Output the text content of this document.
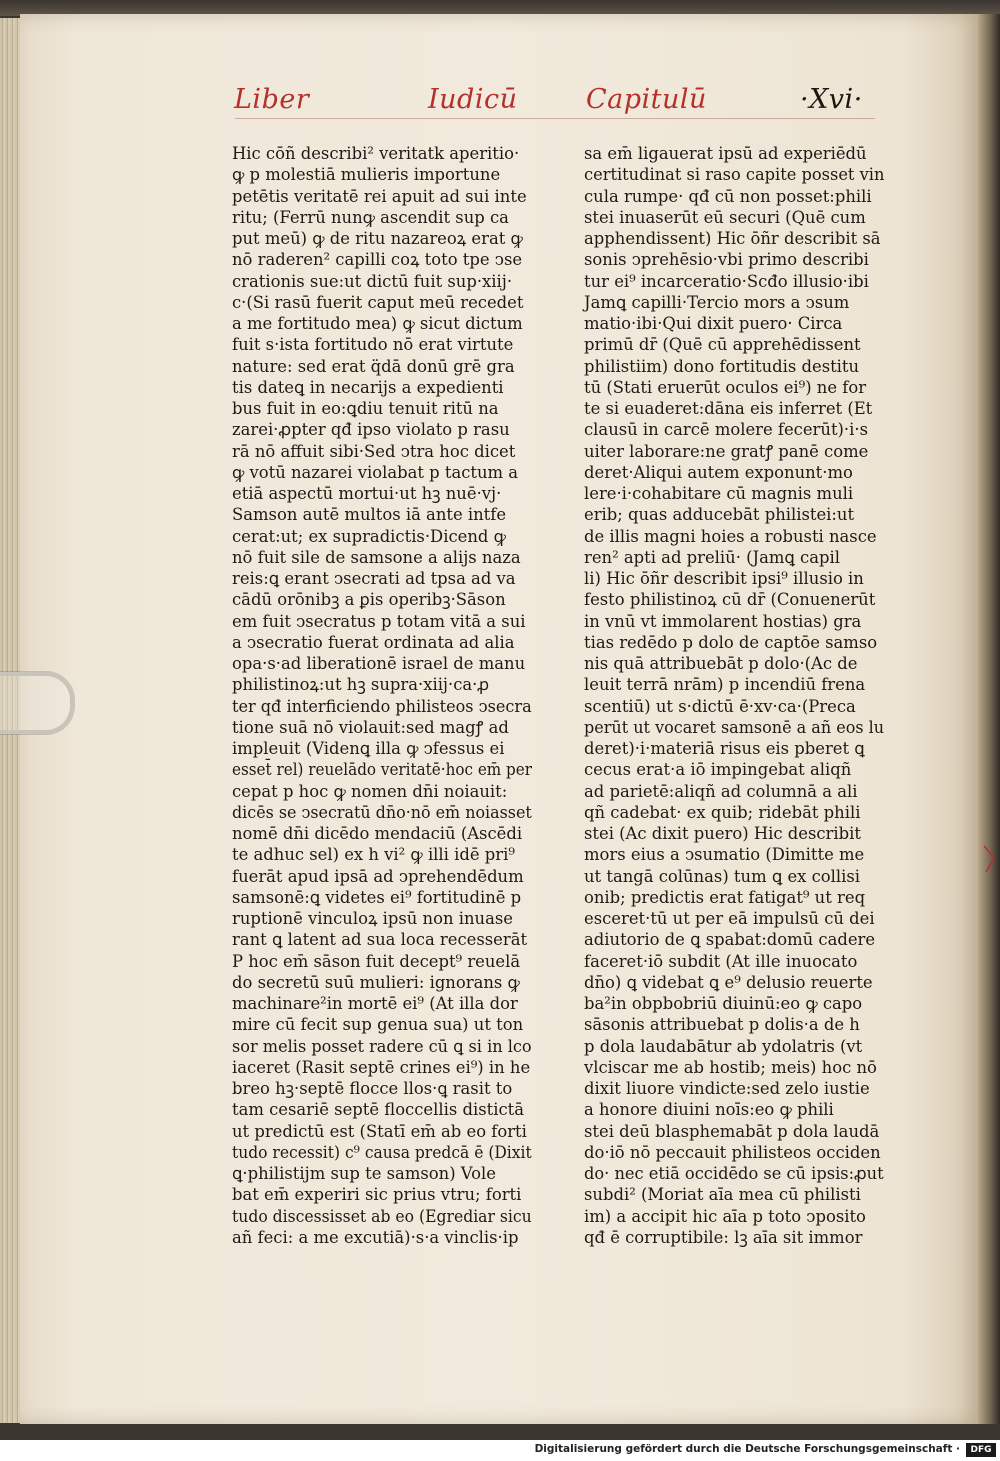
Liber	Iudicū	Capitulū	·Xvi·
Hic cōñ describi² veritatk aperitio·
ꝙ p molestiā mulieris importune
petētis veritatē rei apuit ad sui inte
ritu; (Ferrū nunꝙ ascendit sup ca
put meū) ꝙ de ritu nazareoꝝ erat ꝙ
nō raderen² capilli coꝝ toto tpe ↄse
crationis sue:ut dictū fuit sup·xiij·
c·(Si rasū fuerit caput meū recedet
a me fortitudo mea) ꝙ sicut dictum
fuit s·ista fortitudo nō erat virtute
nature: sed erat q̈dā donū grē gra
tis dateꝗ in necarijs a expedienti
bus fuit in eo:ꝗdiu tenuit ritū na
zarei·ꝓpter qđ ipso violato p rasu
rā nō affuit sibi·Sed ↄtra hoc dicet
ꝙ votū nazarei violabat p tactum a
etiā aspectū mortui·ut hꝫ nuē·vj·
Samson autē multos iā ante intfe
cerat:ut; ex supradictis·Dicend ꝙ
nō fuit sile de samsone a alijs naza
reis:ꝗ erant ↄsecrati ad tpsa ad va
cādū orōnibꝫ a ꝑis operibꝫ·Sāson
em fuit ↄsecratus p totam vitā a sui
a ↄsecratio fuerat ordinata ad alia
opa·s·ad liberationē israel de manu
philistinoꝝ:ut hꝫ supra·xiij·ca·ꝓ
ter qđ interficiendo philisteos ↄsecra
tione suā nō violauit:sed magꝭ ad
impleuit (Videnꝗ illa ꝙ ↄfessus ei
esset̄ rel) reuelādo veritatē·hoc em̄ per
cepat p hoc ꝙ nomen dn̄i noiauit:
dicēs se ↄsecratū dn̄o·nō em̄ noiasset
nomē dn̄i dicēdo mendaciū (Ascēdi
te adhuc sel) ex h vi² ꝙ illi idē pri⁹
fuerāt apud ipsā ad ↄprehendēdum
samsonē:ꝗ videtes ei⁹ fortitudinē p
ruptionē vinculoꝝ ipsū non inuase
rant ꝗ latent ad sua loca recesserāt
P hoc em̄ sāson fuit decept⁹ reuelā
do secretū suū mulieri: ignorans ꝙ
machinare²in mortē ei⁹ (At illa dor
mire cū fecit sup genua sua) ut ton
sor melis posset radere cū ꝗ si in lco
iaceret (Rasit septē crines ei⁹) in he
breo hꝫ·septē flocce llos·ꝗ rasit to
tam cesariē septē floccellis distictā
ut predictū est (Statī em̄ ab eo forti
tudo recessit) c⁹ causa predcā ē (Dixit
ꝗ·philistijm sup te samson) Vole
bat em̄ experiri sic prius vtru; forti
tudo discessisset ab eo (Egrediar sicu
añ feci: a me excutiā)·s·a vinclis·ip
sa em̄ ligauerat ipsū ad experiēdū
certitudinat si raso capite posset vin
cula rumpe· qđ cū non posset:phili
stei inuaserūt eū securi (Quē cum
apphendissent) Hic ōñr describit sā
sonis ↄprehēsio·vbi primo describi
tur ei⁹ incarceratio·Scđo illusio·ibi
Jamꝗ capilli·Tercio mors a ↄsum
matio·ibi·Qui dixit puero· Circa
primū dr̄ (Quē cū apprehēdissent
philistiim) dono fortitudis destitu
tū (Stati eruerūt oculos ei⁹) ne for
te si euaderet:dāna eis inferret (Et
clausū in carcē molere fecerūt)·i·s
uiter laborare:ne gratꝭ panē come
deret·Aliqui autem exponunt·mo
lere·i·cohabitare cū magnis muli
erib; quas adducebāt philistei:ut
de illis magni hoies a robusti nasce
ren² apti ad preliū· (Jamꝗ capil
li) Hic ōñr describit ipsi⁹ illusio in
festo philistinoꝝ cū dr̄ (Conuenerūt
in vnū vt immolarent hostias) gra
tias redēdo p dolo de captōe samso
nis quā attribuebāt p dolo·(Ac de
leuit terrā nrām) p incendiū frena
scentiū) ut s·dictū ē·xv·ca·(Preca
perūt ut vocaret samsonē a añ eos lu
deret)·i·materiā risus eis pberet ꝗ
cecus erat·a iō impingebat aliqñ
ad parietē:aliqñ ad columnā a ali
qñ cadebat· ex quib; ridebāt phili
stei (Ac dixit puero) Hic describit
mors eius a ↄsumatio (Dimitte me
ut tangā colūnas) tum ꝗ ex collisi
onib; predictis erat fatigat⁹ ut req
esceret·tū ut per eā impulsū cū dei
adiutorio de ꝗ spabat:domū cadere
faceret·iō subdit (At ille inuocato
dn̄o) ꝗ videbat ꝗ e⁹ delusio reuerte
ba²in obpbobriū diuinū:eo ꝙ capo
sāsonis attribuebat p dolis·a de h
p dola laudabātur ab ydolatris (vt
vlciscar me ab hostib; meis) hoc nō
dixit liuore vindicte:sed zelo iustie
a honore diuini noīs:eo ꝙ phili
stei deū blasphemabāt p dola laudā
do·iō nō peccauit philisteos occiden
do· nec etiā occidēdo se cū ipsis:ꝓut
subdi² (Moriat aīa mea cū philisti
im) a accipit hic aīa p toto ↄposito
qđ ē corruptibile: lꝫ aīa sit immor
Digitalisierung gefördert durch die Deutsche Forschungsgemeinschaft ·	DFG
